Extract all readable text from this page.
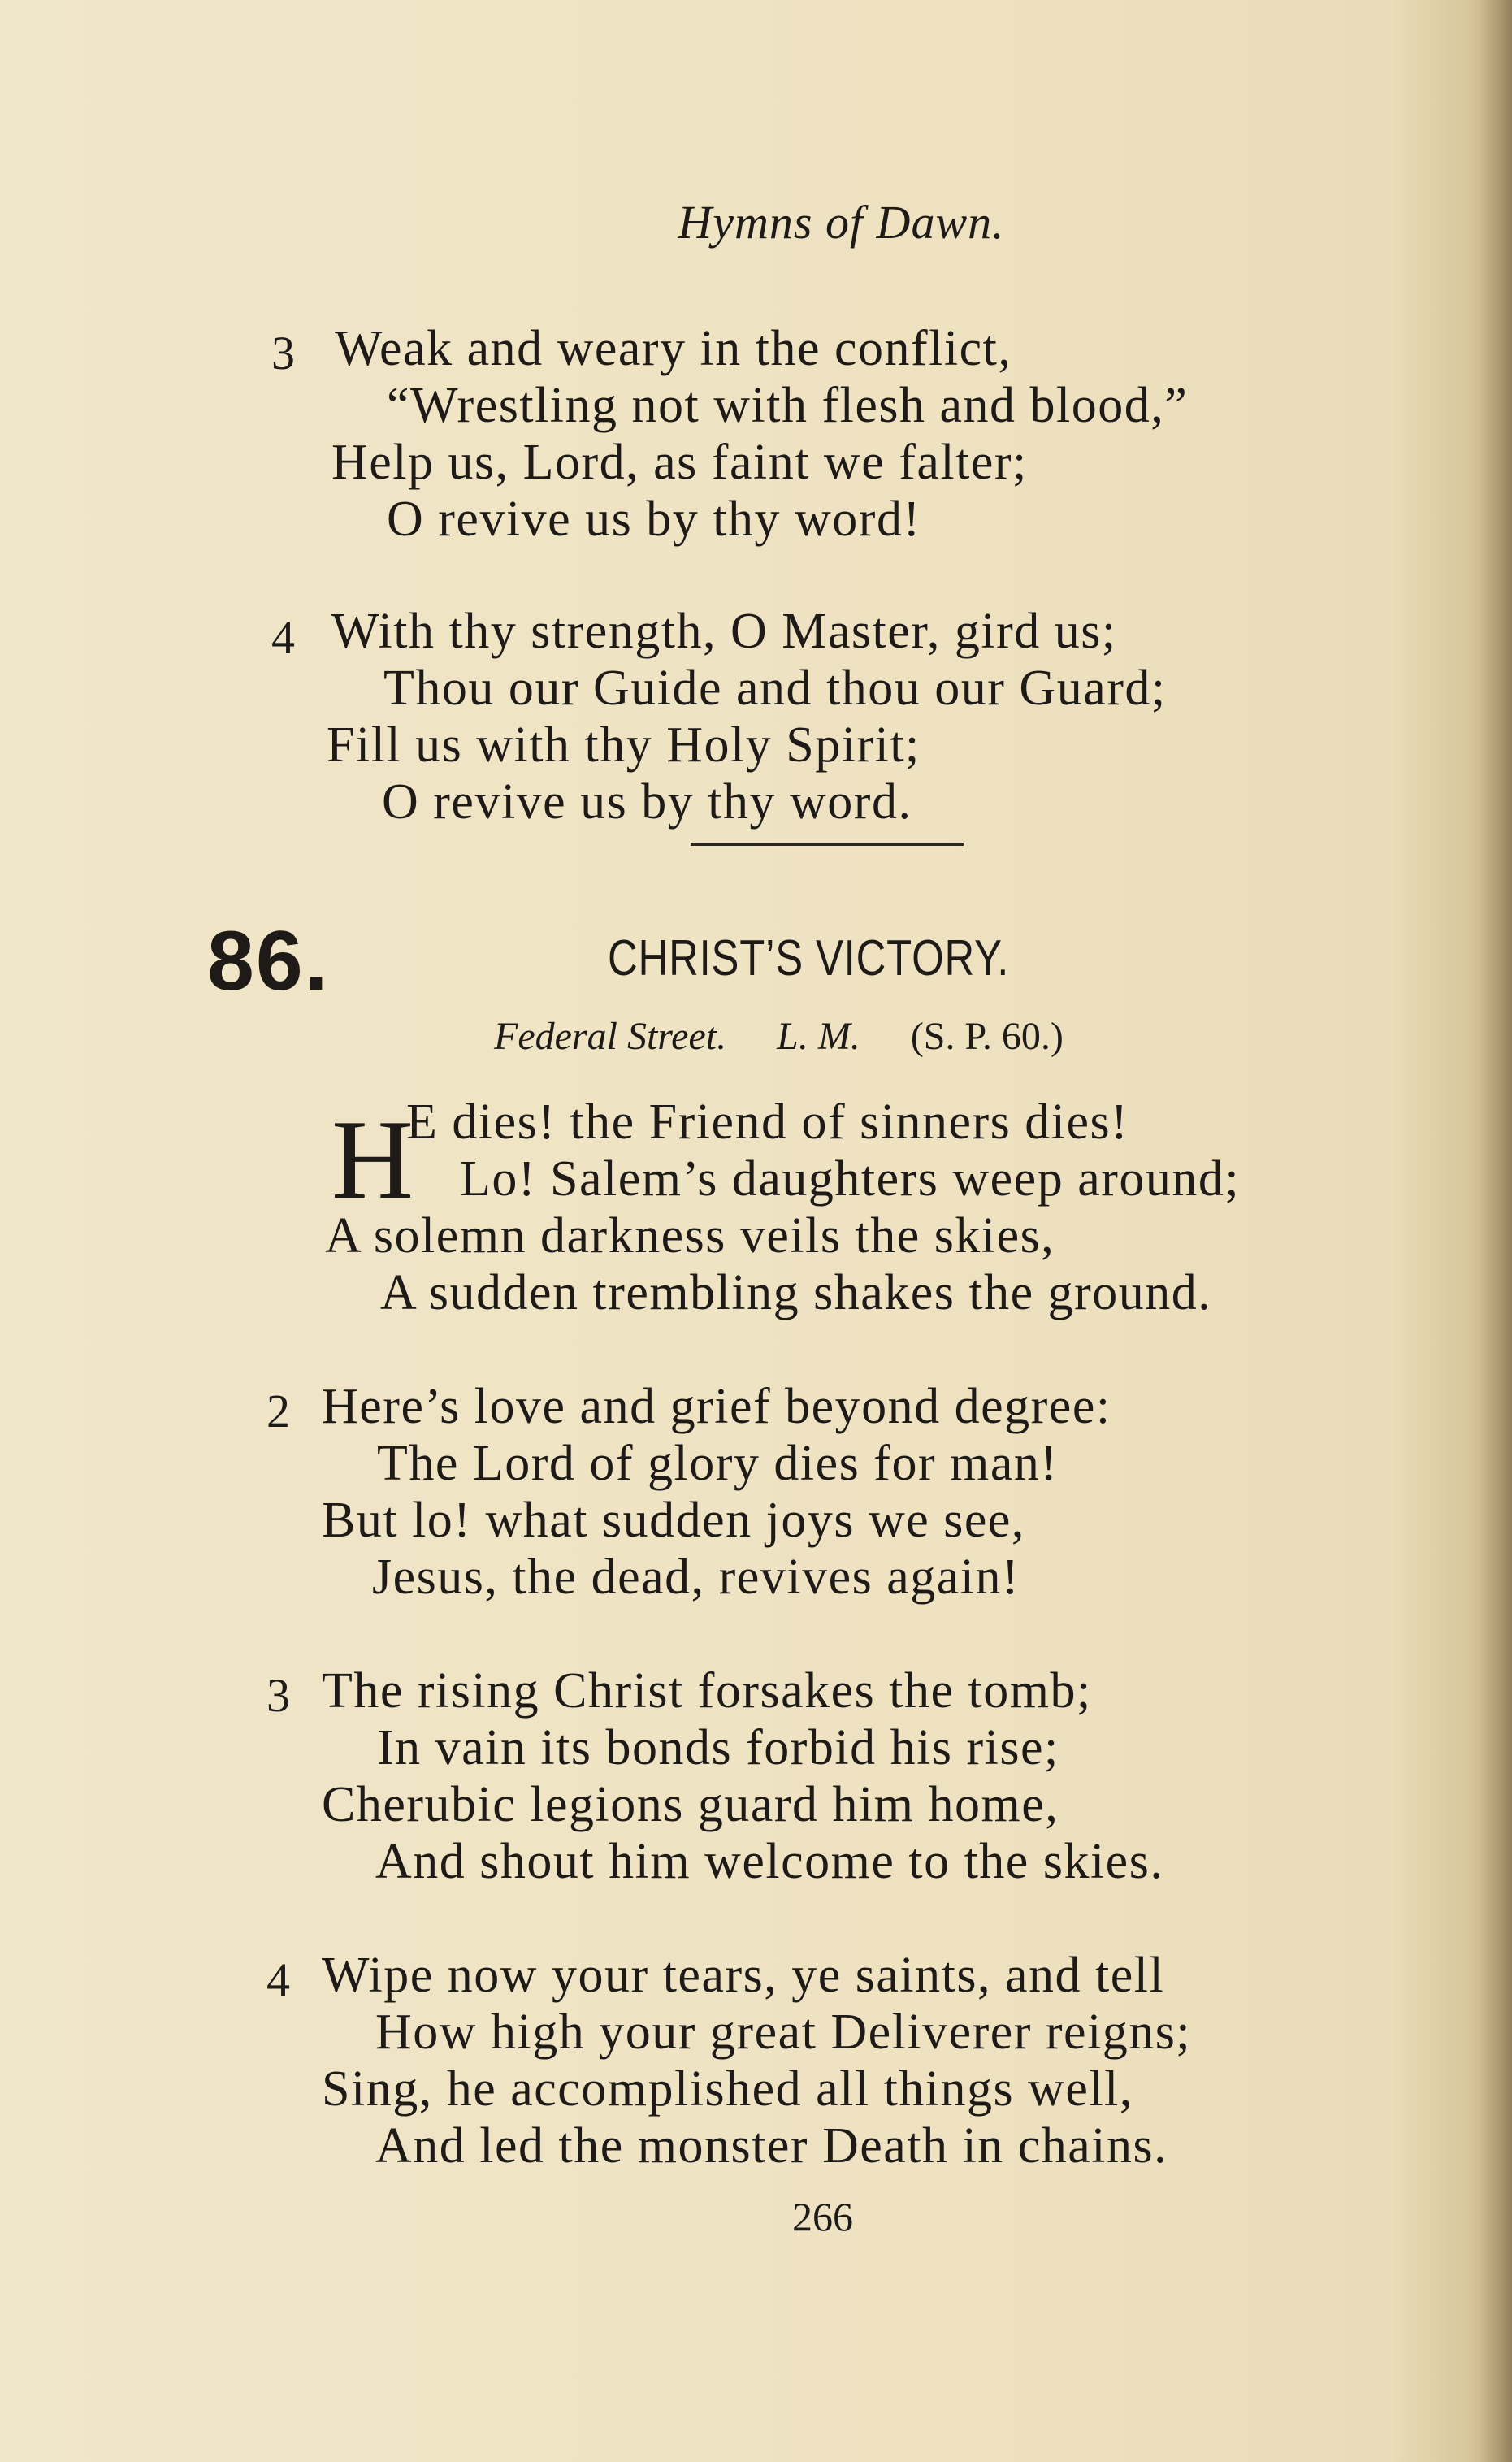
Hymns of Dawn.
3 Weak and weary in the conflict,
“Wrestling not with flesh and blood,”
Help us, Lord, as faint we falter;
O revive us by thy word!
4 With thy strength, O Master, gird us;
Thou our Guide and thou our Guard;
Fill us with thy Holy Spirit;
O revive us by thy word.
86.	CHRIST’S VICTORY.
Federal Street. L. M. (S. P. 60.)
H
E dies! the Friend of sinners dies!
Lo! Salem’s daughters weep around;
A solemn darkness veils the skies,
A sudden trembling shakes the ground.
2 Here’s love and grief beyond degree:
The Lord of glory dies for man!
But lo! what sudden joys we see,
Jesus, the dead, revives again!
3 The rising Christ forsakes the tomb;
In vain its bonds forbid his rise;
Cherubic legions guard him home,
And shout him welcome to the skies.
4 Wipe now your tears, ye saints, and tell
How high your great Deliverer reigns;
Sing, he accomplished all things well,
And led the monster Death in chains.
266
